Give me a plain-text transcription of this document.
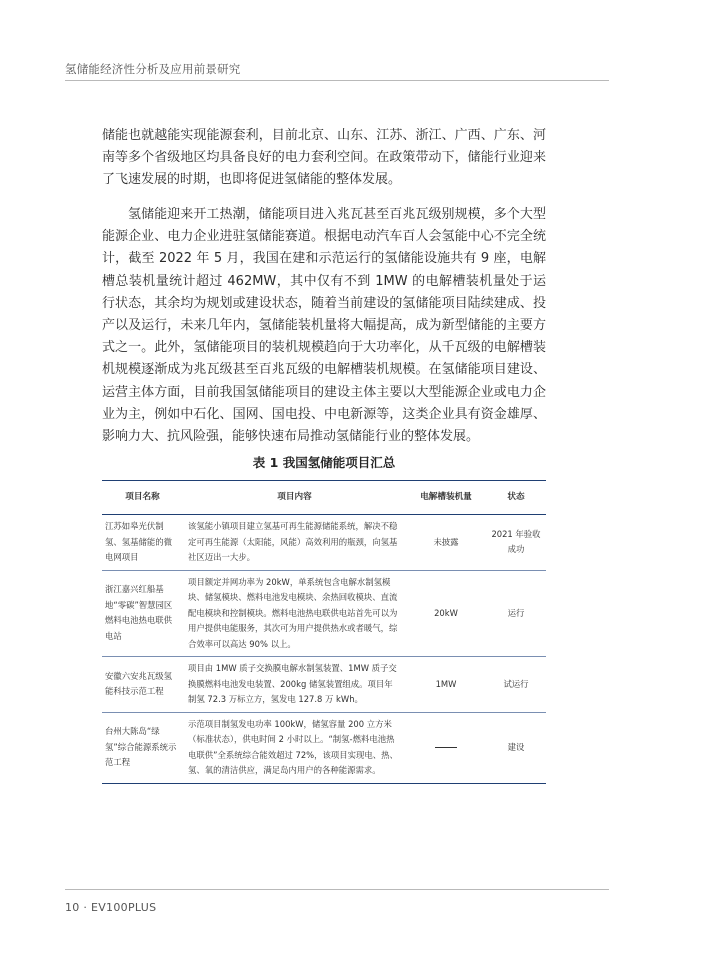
氢储能经济性分析及应用前景研究

储能也就越能实现能源套利，目前北京、山东、江苏、浙江、广西、广东、河南等多个省级地区均具备良好的电力套利空间。在政策带动下，储能行业迎来了飞速发展的时期，也即将促进氢储能的整体发展。

氢储能迎来开工热潮，储能项目进入兆瓦甚至百兆瓦级别规模，多个大型能源企业、电力企业进驻氢储能赛道。根据电动汽车百人会氢能中心不完全统计，截至 2022 年 5 月，我国在建和示范运行的氢储能设施共有 9 座，电解槽总装机量统计超过 462MW，其中仅有不到 1MW 的电解槽装机量处于运行状态，其余均为规划或建设状态，随着当前建设的氢储能项目陆续建成、投产以及运行，未来几年内，氢储能装机量将大幅提高，成为新型储能的主要方式之一。此外，氢储能项目的装机规模趋向于大功率化，从千瓦级的电解槽装机规模逐渐成为兆瓦级甚至百兆瓦级的电解槽装机规模。在氢储能项目建设、运营主体方面，目前我国氢储能项目的建设主体主要以大型能源企业或电力企业为主，例如中石化、国网、国电投、中电新源等，这类企业具有资金雄厚、影响力大、抗风险强，能够快速布局推动氢储能行业的整体发展。

表 1 我国氢储能项目汇总
项目名称	项目内容	电解槽装机量	状态
江苏如皋光伏制氢、氢基储能的微电网项目	该氢能小镇项目建立氢基可再生能源储能系统，解决不稳定可再生能源（太阳能，风能）高效利用的瓶颈，向氢基社区迈出一大步。	未披露	2021 年验收成功
浙江嘉兴红船基地“零碳”智慧园区燃料电池热电联供电站	项目额定并网功率为 20kW，单系统包含电解水制氢模块、储氢模块、燃料电池发电模块、余热回收模块、直流配电模块和控制模块。燃料电池热电联供电站首先可以为用户提供电能服务，其次可为用户提供热水或者暖气，综合效率可以高达 90% 以上。	20kW	运行
安徽六安兆瓦级氢能科技示范工程	项目由 1MW 质子交换膜电解水制氢装置、1MW 质子交换膜燃料电池发电装置、200kg 储氢装置组成。项目年制氢 72.3 万标立方，氢发电 127.8 万 kWh。	1MW	试运行
台州大陈岛“绿氢”综合能源系统示范工程	示范项目制氢发电功率 100kW，储氢容量 200 立方米（标准状态），供电时间 2 小时以上。“制氢-燃料电池热电联供”全系统综合能效超过 72%，该项目实现电、热、氢、氧的清洁供应，满足岛内用户的各种能源需求。		建设
10 · EV100PLUS
